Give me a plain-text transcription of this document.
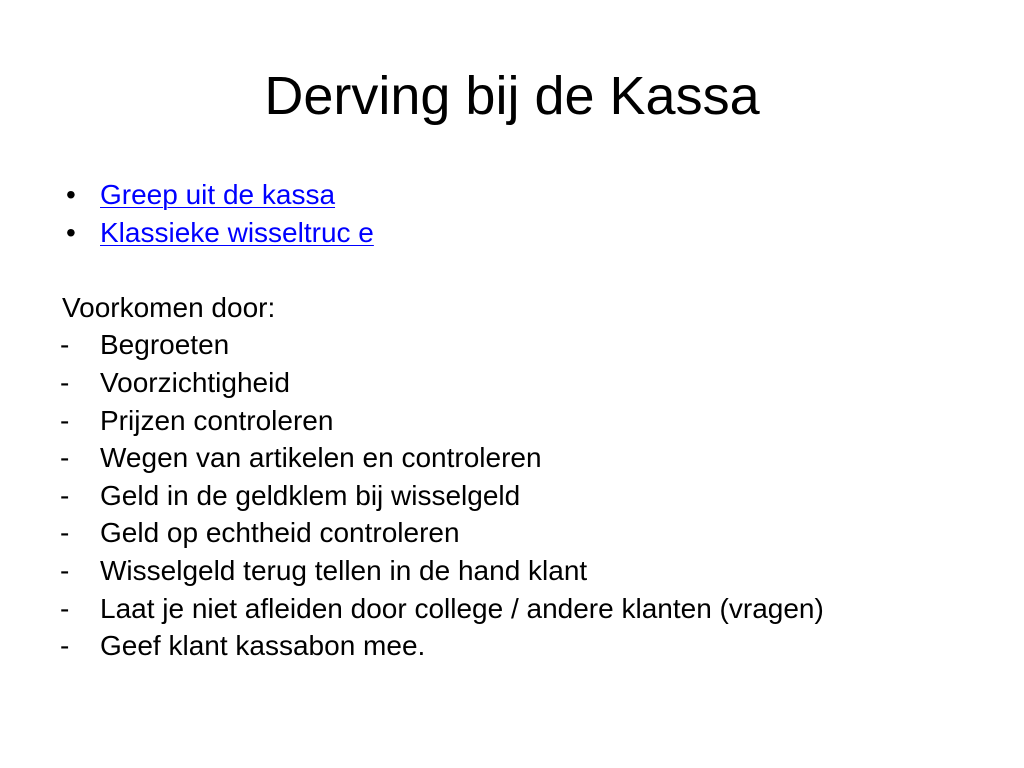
Derving bij de Kassa
• Greep uit de kassa
• Klassieke wisseltruc e
Voorkomen door:
- Begroeten
- Voorzichtigheid
- Prijzen controleren
- Wegen van artikelen en controleren
- Geld in de geldklem bij wisselgeld
- Geld op echtheid controleren
- Wisselgeld terug tellen in de hand klant
- Laat je niet afleiden door college / andere klanten (vragen)
- Geef klant kassabon mee.
